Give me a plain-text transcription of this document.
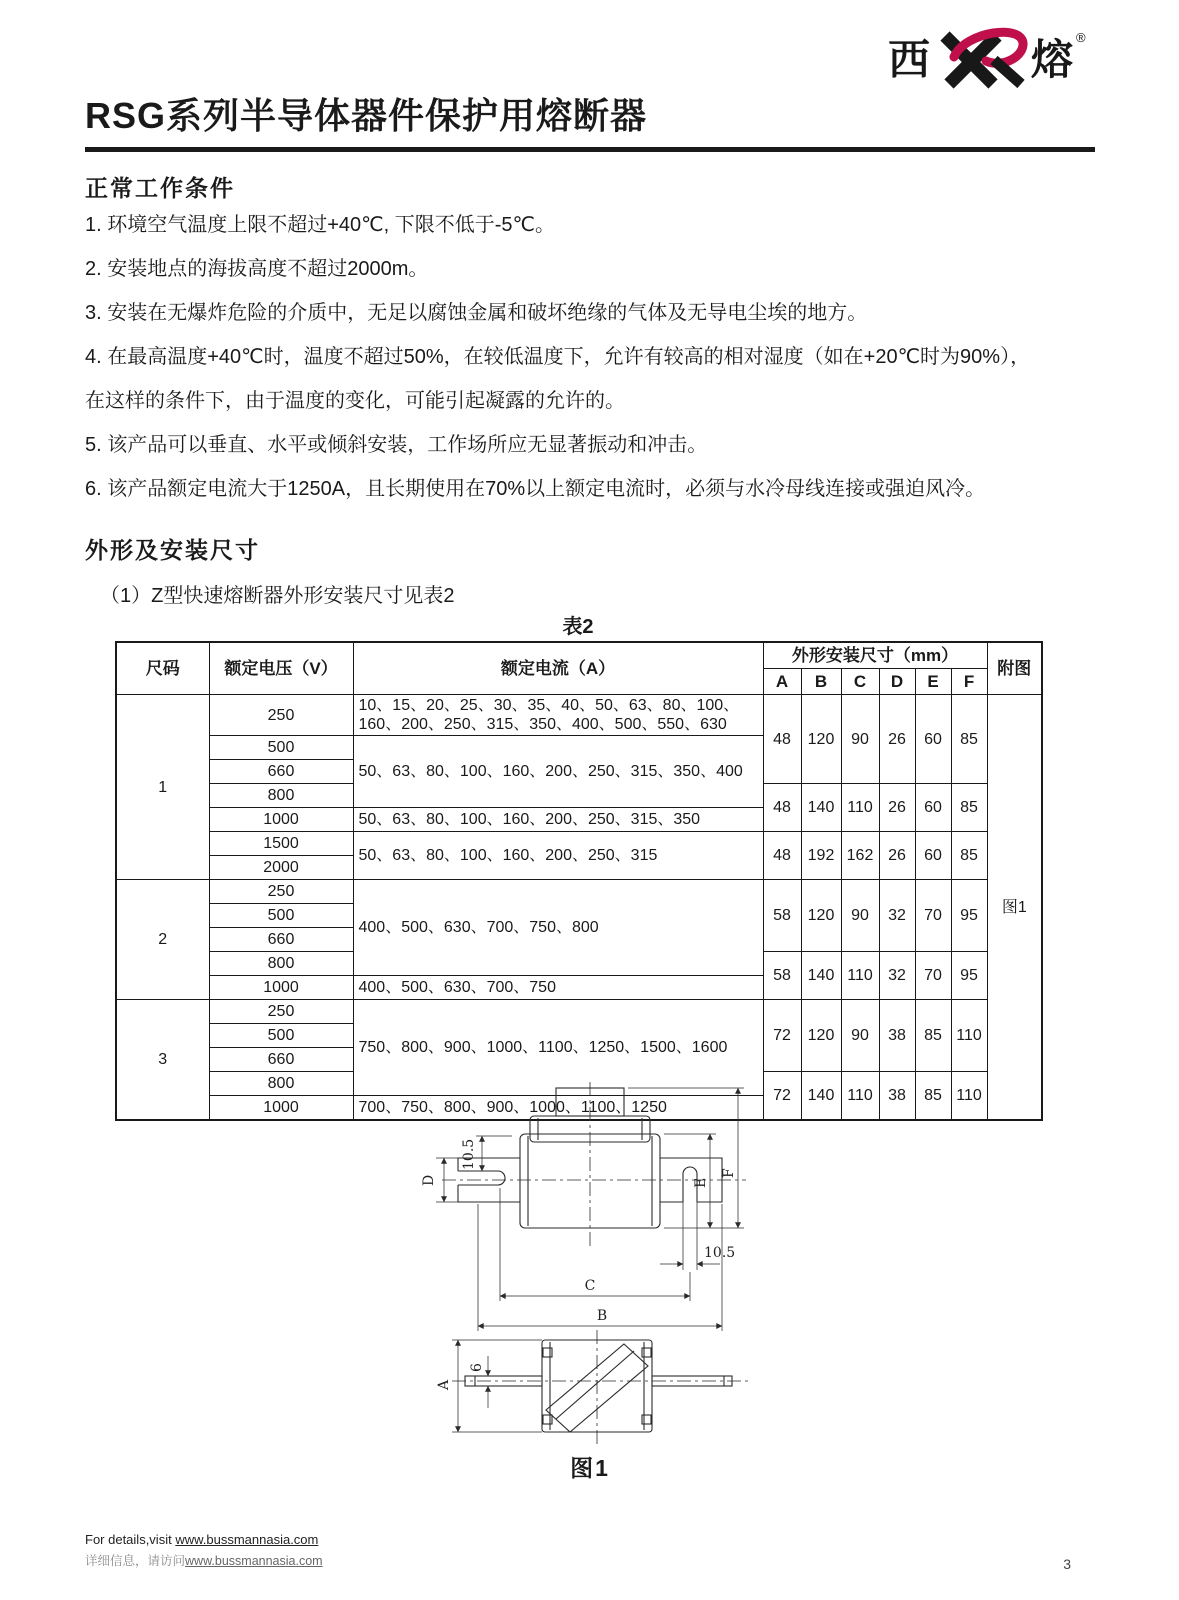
西 熔 ®
RSG系列半导体器件保护用熔断器
正常工作条件
1. 环境空气温度上限不超过+40℃, 下限不低于-5℃。
2. 安装地点的海拔高度不超过2000m。
3. 安装在无爆炸危险的介质中，无足以腐蚀金属和破坏绝缘的气体及无导电尘埃的地方。
4. 在最高温度+40℃时，温度不超过50%，在较低温度下，允许有较高的相对湿度（如在+20℃时为90%），
在这样的条件下，由于温度的变化，可能引起凝露的允许的。
5. 该产品可以垂直、水平或倾斜安装，工作场所应无显著振动和冲击。
6. 该产品额定电流大于1250A，且长期使用在70%以上额定电流时，必须与水冷母线连接或强迫风冷。
外形及安装尺寸
（1）Z型快速熔断器外形安装尺寸见表2
表2
尺码	额定电压（V）	额定电流（A）	外形安装尺寸（mm）						附图
			A	B	C	D	E	F	
1	250	10、15、20、25、30、35、40、50、63、80、100、160、200、250、315、350、400、500、550、630	48	120	90	26	60	85	图1
	500	50、63、80、100、160、200、250、315、350、400							
	660								
	800		48	140	110	26	60	85	
	1000	50、63、80、100、160、200、250、315、350							
	1500	50、63、80、100、160、200、250、315	48	192	162	26	60	85	
	2000								
2	250	400、500、630、700、750、800	58	120	90	32	70	95	
	500								
	660								
	800		58	140	110	32	70	95	
	1000	400、500、630、700、750							
3	250	750、800、900、1000、1100、1250、1500、1600	72	120	90	38	85	110	
	500								
	660								
	800		72	140	110	38	85	110	
	1000	700、750、800、900、1000、1100、1250							
10.5
D	E
F
10.5
C
B
A
6
图1
For details,visit www.bussmannasia.com
详细信息，请访问www.bussmannasia.com	3
